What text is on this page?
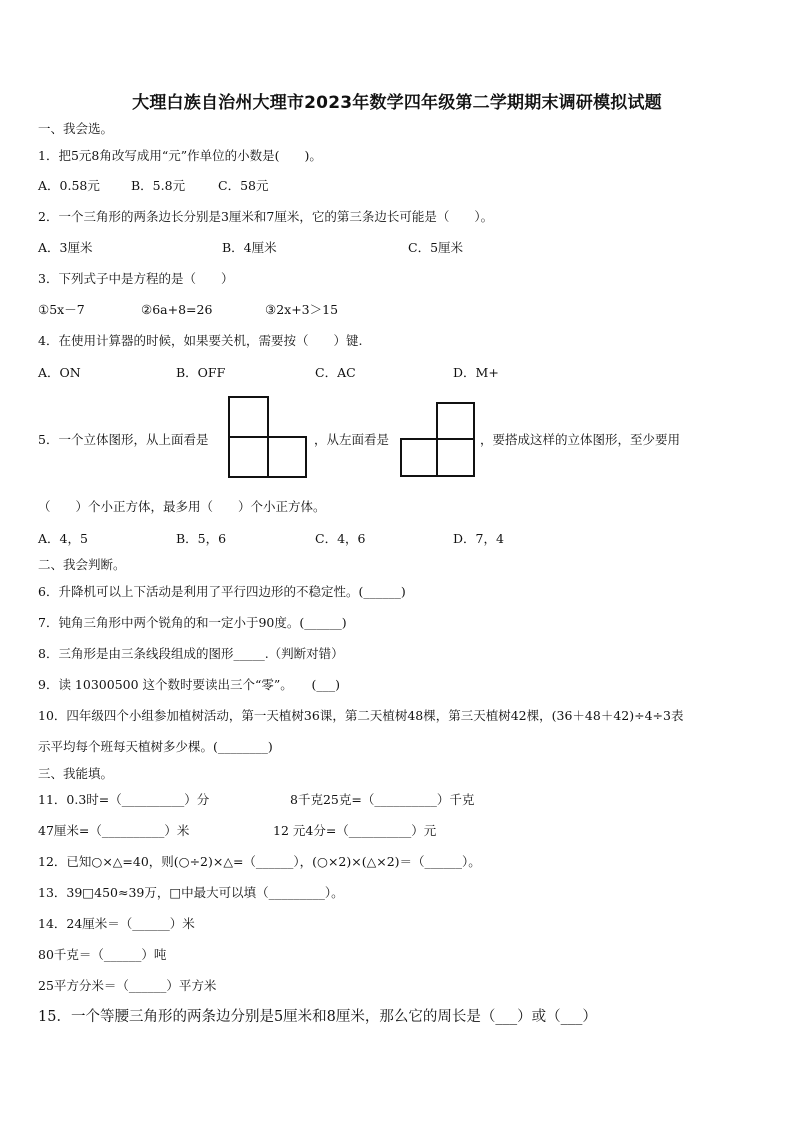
大理白族自治州大理市2023年数学四年级第二学期期末调研模拟试题
一、我会选。
1．把5元8角改写成用“元”作单位的小数是(　　)。
A．0.58元 B．5.8元	C．58元
2．一个三角形的两条边长分别是3厘米和7厘米，它的第三条边长可能是（　　）。
A．3厘米	B．4厘米	C．5厘米
3．下列式子中是方程的是（　　）
①5x－7	②6a+8=26	③2x+3＞15
4．在使用计算器的时候，如果要关机，需要按（　　）键.
A．ON	B．OFF	C．AC	D．M+
5．一个立体图形，从上面看是	，从左面看是	，要搭成这样的立体图形，至少要用
（　　）个小正方体，最多用（　　）个小正方体。
A．4，5	B．5，6	C．4，6	D．7，4
二、我会判断。
6．升降机可以上下活动是利用了平行四边形的不稳定性。(______)
7．钝角三角形中两个锐角的和一定小于90度。(______)
8．三角形是由三条线段组成的图形_____.（判断对错）
9．读 10300500 这个数时要读出三个“零”。　　(___)
10．四年级四个小组参加植树活动，第一天植树36课，第二天植树48棵，第三天植树42棵，(36＋48＋42)÷4÷3表
示平均每个班每天植树多少棵。(________)
三、我能填。
11．0.3时=（__________）分	8千克25克=（__________）千克
47厘米=（__________）米	12 元4分=（__________）元
12．已知○×△=40，则(○÷2)×△=（______），(○×2)×(△×2)＝（______）。
13．39□450≈39万，□中最大可以填（_________）。
14．24厘米＝（______）米
80千克＝（______）吨
25平方分米＝（______）平方米
15．一个等腰三角形的两条边分别是5厘米和8厘米，那么它的周长是（___）或（___）
